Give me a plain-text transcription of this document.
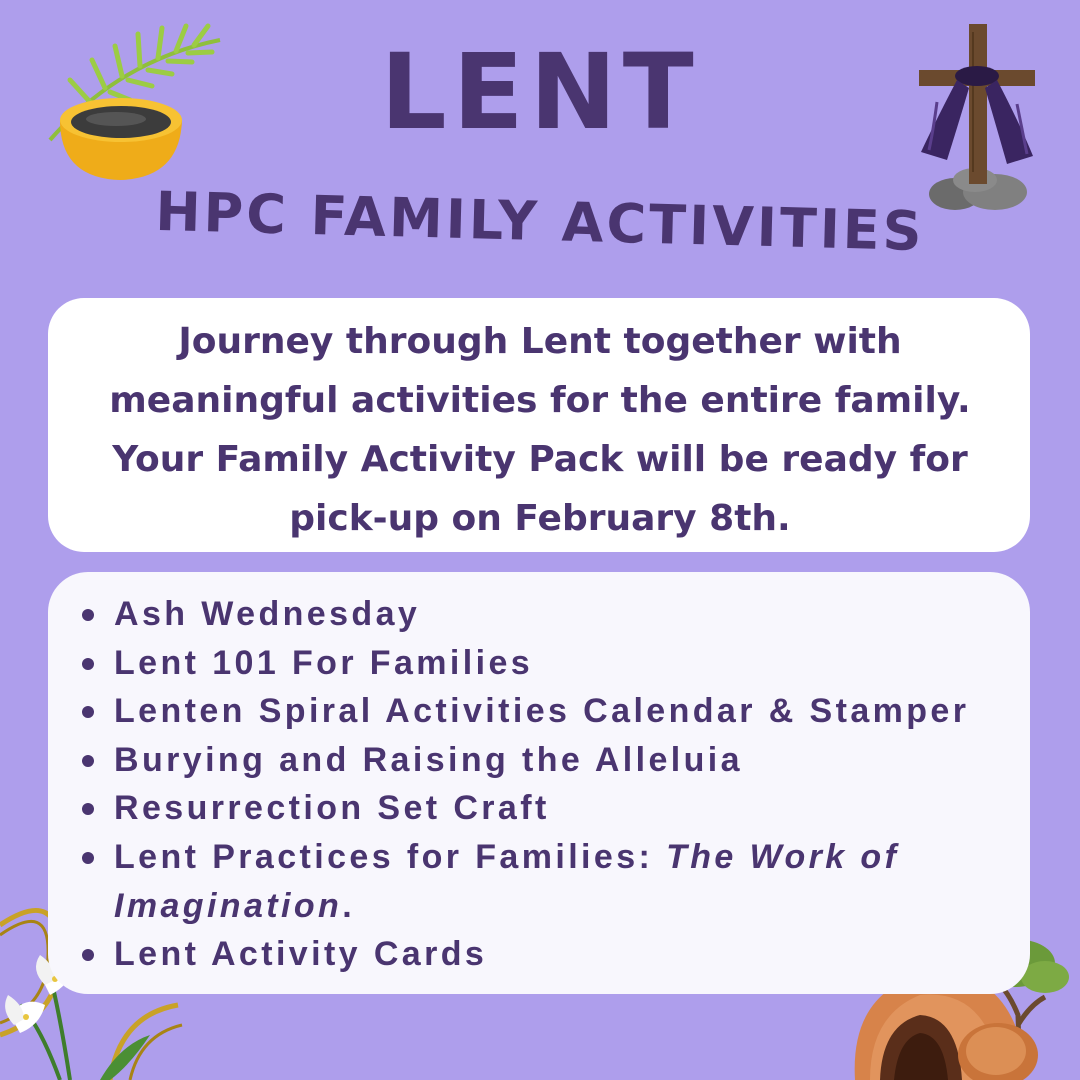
LENT
HPC FAMILY ACTIVITIES
Journey through Lent together with meaningful activities for the entire family. Your Family Activity Pack will be ready for pick-up on February 8th.
Ash Wednesday
Lent 101 For Families
Lenten Spiral Activities Calendar & Stamper
Burying and Raising the Alleluia
Resurrection Set Craft
Lent Practices for Families: The Work of Imagination.
Lent Activity Cards
